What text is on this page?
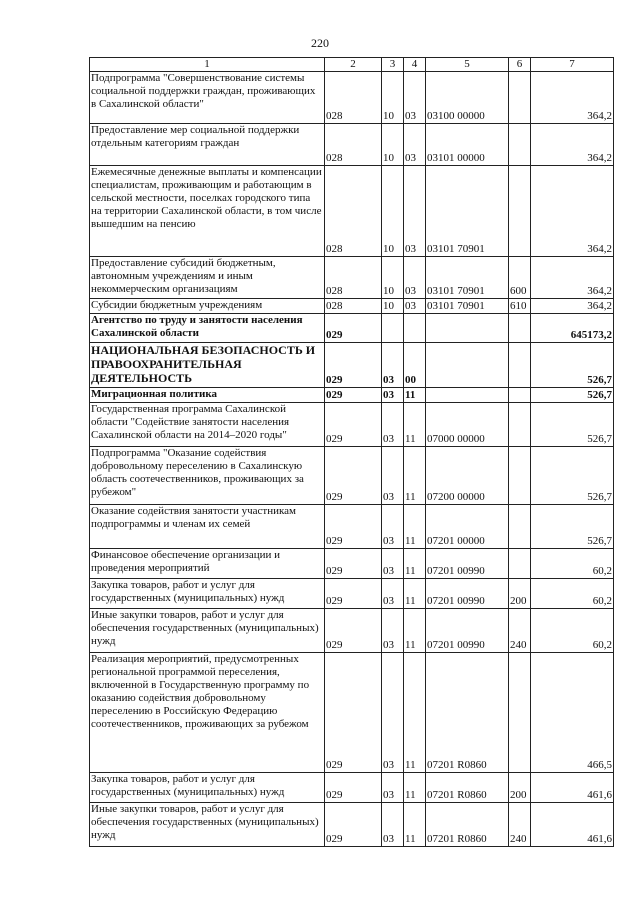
220
1	2	3	4	5	6	7
Подпрограмма "Совершенствование системы социальной поддержки граждан, проживающих в Сахалинской области"	028	10	03	03100 00000		364,2
Предоставление мер социальной поддержки отдельным категориям граждан	028	10	03	03101 00000		364,2
Ежемесячные денежные выплаты и компенсации специалистам, проживающим и работающим в сельской местности, поселках городского типа на территории Сахалинской области, в том числе вышедшим на пенсию	028	10	03	03101 70901		364,2
Предоставление субсидий бюджетным, автономным учреждениям и иным некоммерческим организациям	028	10	03	03101 70901	600	364,2
Субсидии бюджетным учреждениям	028	10	03	03101 70901	610	364,2
Агентство по труду и занятости населения Сахалинской области	029					645173,2
НАЦИОНАЛЬНАЯ БЕЗОПАСНОСТЬ И ПРАВООХРАНИТЕЛЬНАЯ ДЕЯТЕЛЬНОСТЬ	029	03	00			526,7
Миграционная политика	029	03	11			526,7
Государственная программа Сахалинской области "Содействие занятости населения Сахалинской области на 2014–2020 годы"	029	03	11	07000 00000		526,7
Подпрограмма "Оказание содействия добровольному переселению в Сахалинскую область соотечественников, проживающих за рубежом"	029	03	11	07200 00000		526,7
Оказание содействия занятости участникам подпрограммы и членам их семей	029	03	11	07201 00000		526,7
Финансовое обеспечение организации и проведения мероприятий	029	03	11	07201 00990		60,2
Закупка товаров, работ и услуг для государственных (муниципальных) нужд	029	03	11	07201 00990	200	60,2
Иные закупки товаров, работ и услуг для обеспечения государственных (муниципальных) нужд	029	03	11	07201 00990	240	60,2
Реализация мероприятий, предусмотренных региональной программой переселения, включенной в Государственную программу по оказанию содействия добровольному переселению в Российскую Федерацию соотечественников, проживающих за рубежом	029	03	11	07201 R0860		466,5
Закупка товаров, работ и услуг для государственных (муниципальных) нужд	029	03	11	07201 R0860	200	461,6
Иные закупки товаров, работ и услуг для обеспечения государственных (муниципальных) нужд	029	03	11	07201 R0860	240	461,6
